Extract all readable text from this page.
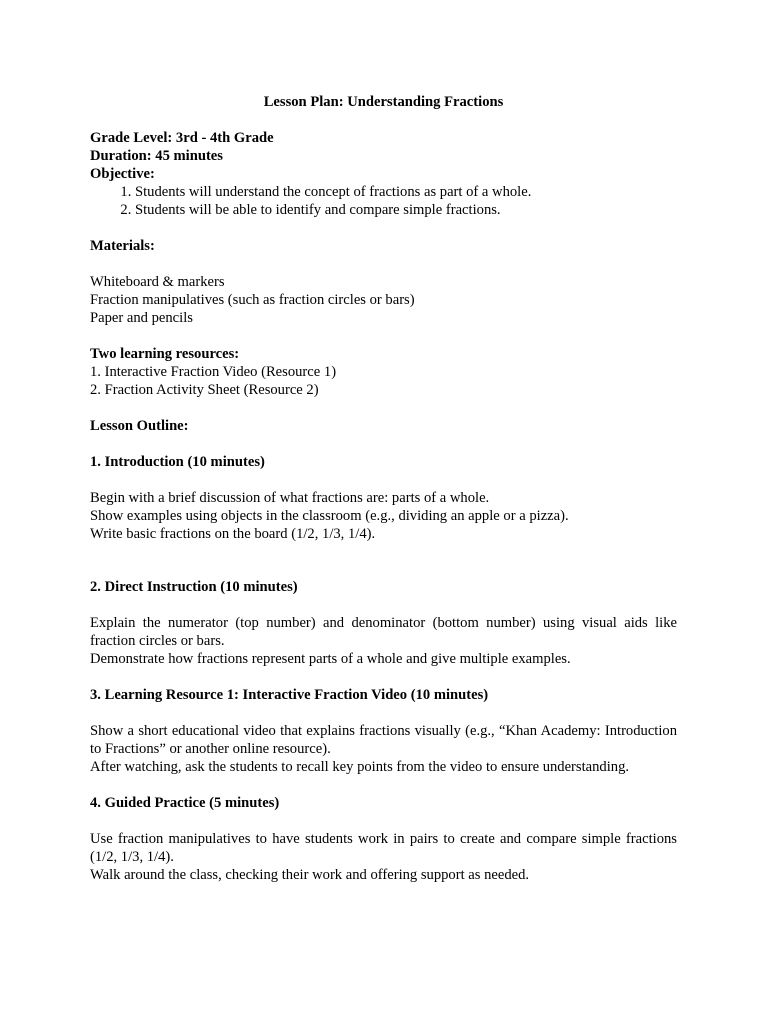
Lesson Plan: Understanding Fractions

Grade Level: 3rd - 4th Grade

Duration: 45 minutes

Objective:

1. Students will understand the concept of fractions as part of a whole.
2. Students will be able to identify and compare simple fractions.

Materials:

Whiteboard & markers

Fraction manipulatives (such as fraction circles or bars)

Paper and pencils

Two learning resources:

1. Interactive Fraction Video (Resource 1)

2. Fraction Activity Sheet (Resource 2)

Lesson Outline:

1. Introduction (10 minutes)

Begin with a brief discussion of what fractions are: parts of a whole.

Show examples using objects in the classroom (e.g., dividing an apple or a pizza).

Write basic fractions on the board (1/2, 1/3, 1/4).

2. Direct Instruction (10 minutes)

Explain the numerator (top number) and denominator (bottom number) using visual aids like fraction circles or bars.

Demonstrate how fractions represent parts of a whole and give multiple examples.

3. Learning Resource 1: Interactive Fraction Video (10 minutes)

Show a short educational video that explains fractions visually (e.g., “Khan Academy: Introduction to Fractions” or another online resource).

After watching, ask the students to recall key points from the video to ensure understanding.

4. Guided Practice (5 minutes)

Use fraction manipulatives to have students work in pairs to create and compare simple fractions (1/2, 1/3, 1/4).

Walk around the class, checking their work and offering support as needed.
